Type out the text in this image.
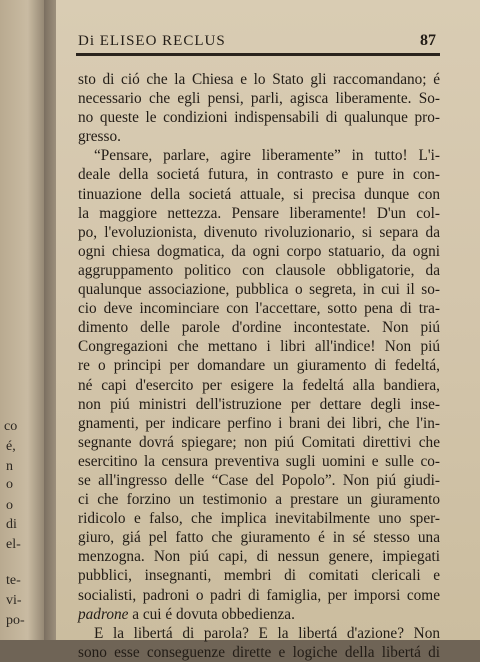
o
o
co
é,
n
di
el-
te-
vi-
po-
Di ELISEO RECLUS	87
sto di ció che la Chiesa e lo Stato gli raccomandano; é
necessario che egli pensi, parli, agisca liberamente. So-
no queste le condizioni indispensabili di qualunque pro-
gresso.
“Pensare, parlare, agire liberamente” in tutto! L'i-
deale della societá futura, in contrasto e pure in con-
tinuazione della societá attuale, si precisa dunque con
la maggiore nettezza. Pensare liberamente! D'un col-
po, l'evoluzionista, divenuto rivoluzionario, si separa da
ogni chiesa dogmatica, da ogni corpo statuario, da ogni
aggruppamento politico con clausole obbligatorie, da
qualunque associazione, pubblica o segreta, in cui il so-
cio deve incominciare con l'accettare, sotto pena di tra-
dimento delle parole d'ordine incontestate. Non piú
Congregazioni che mettano i libri all'indice! Non piú
re o principi per domandare un giuramento di fedeltá,
né capi d'esercito per esigere la fedeltá alla bandiera,
non piú ministri dell'istruzione per dettare degli inse-
gnamenti, per indicare perfino i brani dei libri, che l'in-
segnante dovrá spiegare; non piú Comitati direttivi che
esercitino la censura preventiva sugli uomini e sulle co-
se all'ingresso delle “Case del Popolo”. Non piú giudi-
ci che forzino un testimonio a prestare un giuramento
ridicolo e falso, che implica inevitabilmente uno sper-
giuro, giá pel fatto che giuramento é in sé stesso una
menzogna. Non piú capi, di nessun genere, impiegati
pubblici, insegnanti, membri di comitati clericali e
socialisti, padroni o padri di famiglia, per imporsi come
padrone a cui é dovuta obbedienza.
E la libertá di parola? E la libertá d'azione? Non
sono esse conseguenze dirette e logiche della libertá di
